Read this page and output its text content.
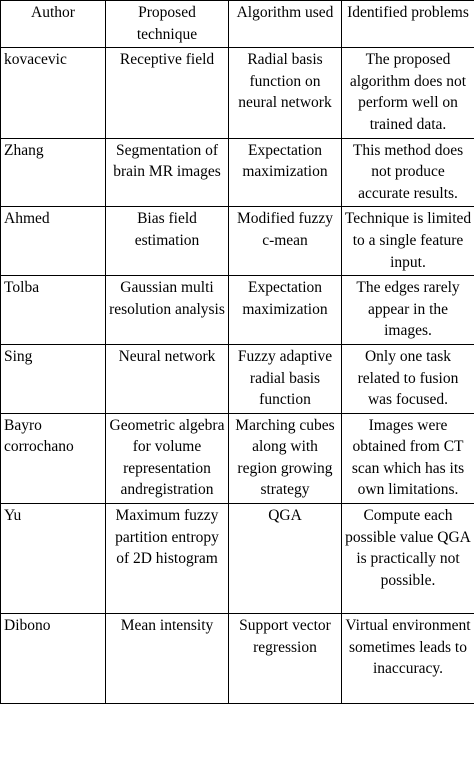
Author	Proposed technique	Algorithm used	Identified problems
kovacevic	Receptive field	Radial basis function on neural network	The proposed algorithm does not perform well on trained data.
Zhang	Segmentation of brain MR images	Expectation maximization	This method does not produce accurate results.
Ahmed	Bias field estimation	Modified fuzzy c-mean	Technique is limited to a single feature input.
Tolba	Gaussian multi resolution analysis	Expectation maximization	The edges rarely appear in the images.
Sing	Neural network	Fuzzy adaptive radial basis function	Only one task related to fusion was focused.
Bayro corrochano	Geometric algebra for volume representation andregistration	Marching cubes along with region growing strategy	Images were obtained from CT scan which has its own limitations.
Yu	Maximum fuzzy partition entropy of 2D histogram	QGA	Compute each possible value QGA is practically not possible.
Dibono	Mean intensity	Support vector regression	Virtual environment sometimes leads to inaccuracy.
